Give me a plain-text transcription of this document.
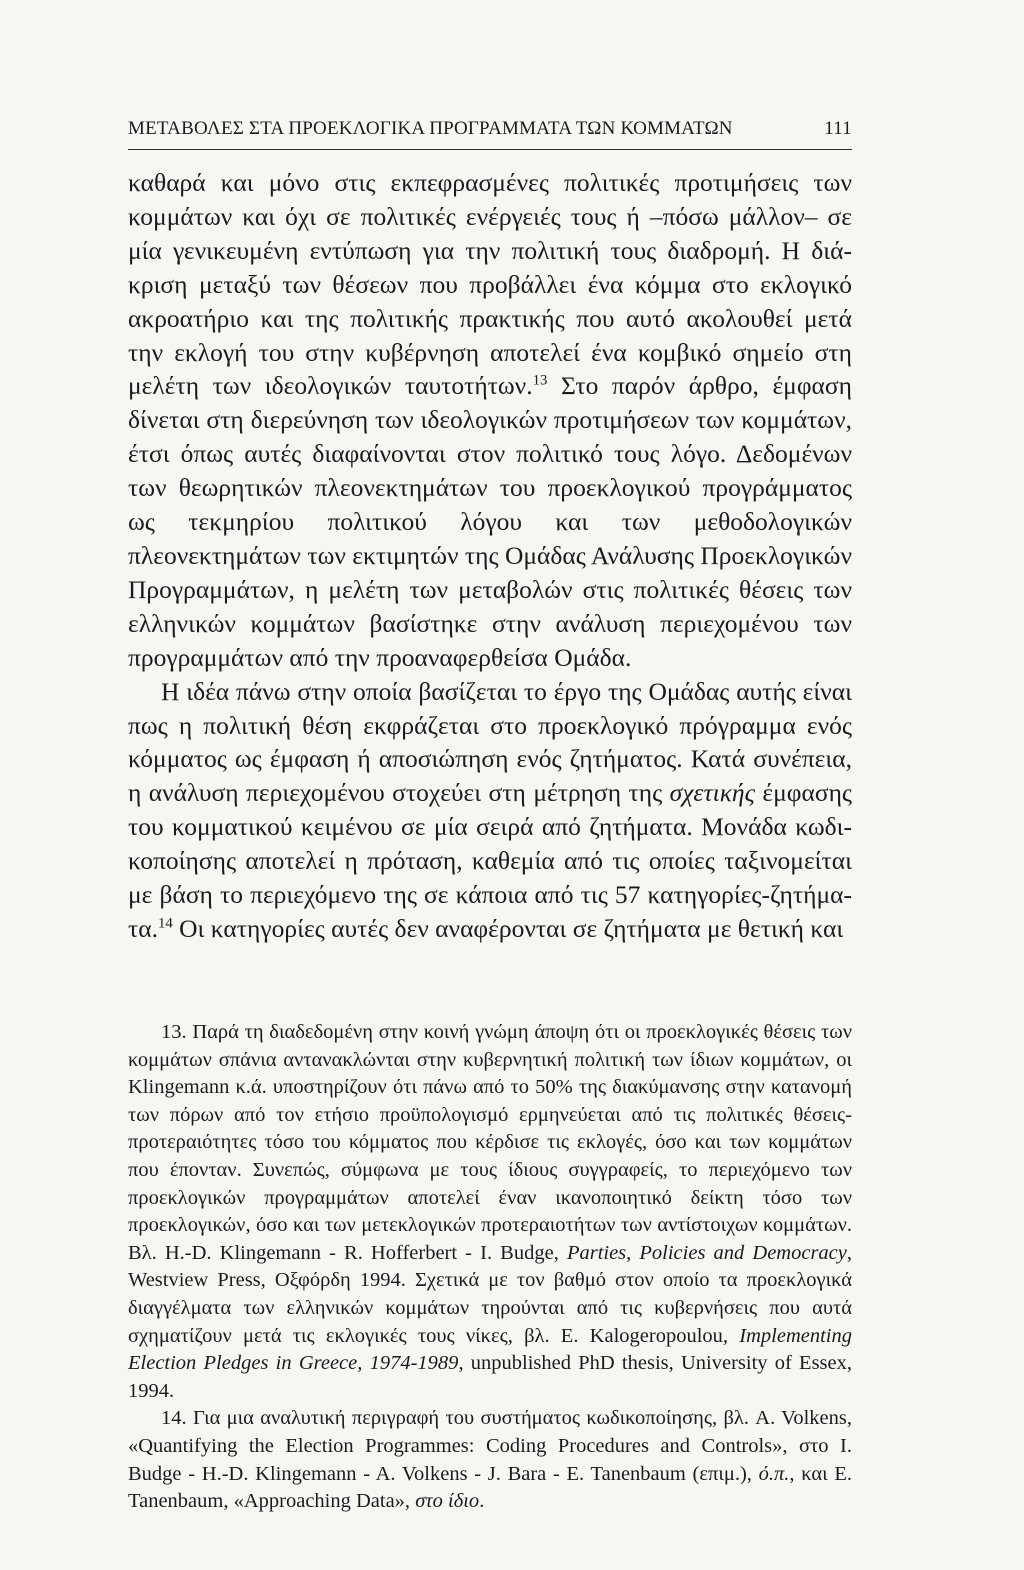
ΜΕΤΑΒΟΛΕΣ ΣΤΑ ΠΡΟΕΚΛΟΓΙΚΑ ΠΡΟΓΡΑΜΜΑΤΑ ΤΩΝ ΚΟΜΜΑΤΩΝ	111

καθαρά και μόνο στις εκπεφρασμένες πολιτικές προτιμήσεις των κομμάτων και όχι σε πολιτικές ενέργειές τους ή –πόσω μάλλον– σε μία γενικευμένη εντύπωση για την πολιτική τους διαδρομή. Η διάκριση μεταξύ των θέσεων που προβάλλει ένα κόμμα στο εκλογικό ακροατήριο και της πολιτικής πρακτικής που αυτό ακολουθεί μετά την εκλογή του στην κυβέρνηση αποτελεί ένα κομβικό σημείο στη μελέτη των ιδεολογικών ταυτοτήτων.$^{13}$ Στο παρόν άρθρο, έμφαση δίνεται στη διερεύνηση των ιδεολογικών προτιμήσεων των κομμάτων, έτσι όπως αυτές διαφαίνονται στον πολιτικό τους λόγο. Δεδομένων των θεωρητικών πλεονεκτημάτων του προεκλογικού προγράμματος ως τεκμηρίου πολιτικού λόγου και των μεθοδολογικών πλεονεκτημάτων των εκτιμητών της Ομάδας Ανάλυσης Προεκλογικών Προγραμμάτων, η μελέτη των μεταβολών στις πολιτικές θέσεις των ελληνικών κομμάτων βασίστηκε στην ανάλυση περιεχομένου των προγραμμάτων από την προαναφερθείσα Ομάδα.

Η ιδέα πάνω στην οποία βασίζεται το έργο της Ομάδας αυτής είναι πως η πολιτική θέση εκφράζεται στο προεκλογικό πρόγραμμα ενός κόμματος ως έμφαση ή αποσιώπηση ενός ζητήματος. Κατά συνέπεια, η ανάλυση περιεχομένου στοχεύει στη μέτρηση της σχετικής έμφασης του κομματικού κειμένου σε μία σειρά από ζητήματα. Μονάδα κωδικοποίησης αποτελεί η πρόταση, καθεμία από τις οποίες ταξινομείται με βάση το περιεχόμενο της σε κάποια από τις 57 κατηγορίες-ζητήματα.$^{14}$ Οι κατηγορίες αυτές δεν αναφέρονται σε ζητήματα με θετική και

13. Παρά τη διαδεδομένη στην κοινή γνώμη άποψη ότι οι προεκλογικές θέσεις των κομμάτων σπάνια αντανακλώνται στην κυβερνητική πολιτική των ίδιων κομμάτων, οι Klingemann κ.ά. υποστηρίζουν ότι πάνω από το 50% της διακύμανσης στην κατανομή των πόρων από τον ετήσιο προϋπολογισμό ερμηνεύεται από τις πολιτικές θέσεις-προτεραιότητες τόσο του κόμματος που κέρδισε τις εκλογές, όσο και των κομμάτων που έπονταν. Συνεπώς, σύμφωνα με τους ίδιους συγγραφείς, το περιεχόμενο των προεκλογικών προγραμμάτων αποτελεί έναν ικανοποιητικό δείκτη τόσο των προεκλογικών, όσο και των μετεκλογικών προτεραιοτήτων των αντίστοιχων κομμάτων. Βλ. H.-D. Klingemann - R. Hofferbert - I. Budge, Parties, Policies and Democracy, Westview Press, Οξφόρδη 1994. Σχετικά με τον βαθμό στον οποίο τα προεκλογικά διαγγέλματα των ελληνικών κομμάτων τηρούνται από τις κυβερνήσεις που αυτά σχηματίζουν μετά τις εκλογικές τους νίκες, βλ. E. Kalogeropoulou, Implementing Election Pledges in Greece, 1974-1989, unpublished PhD thesis, University of Essex, 1994.

14. Για μια αναλυτική περιγραφή του συστήματος κωδικοποίησης, βλ. A. Volkens, «Quantifying the Election Programmes: Coding Procedures and Controls», στο I. Budge - H.-D. Klingemann - A. Volkens - J. Bara - E. Tanenbaum (επιμ.), ό.π., και E. Tanenbaum, «Approaching Data», στο ίδιο.
